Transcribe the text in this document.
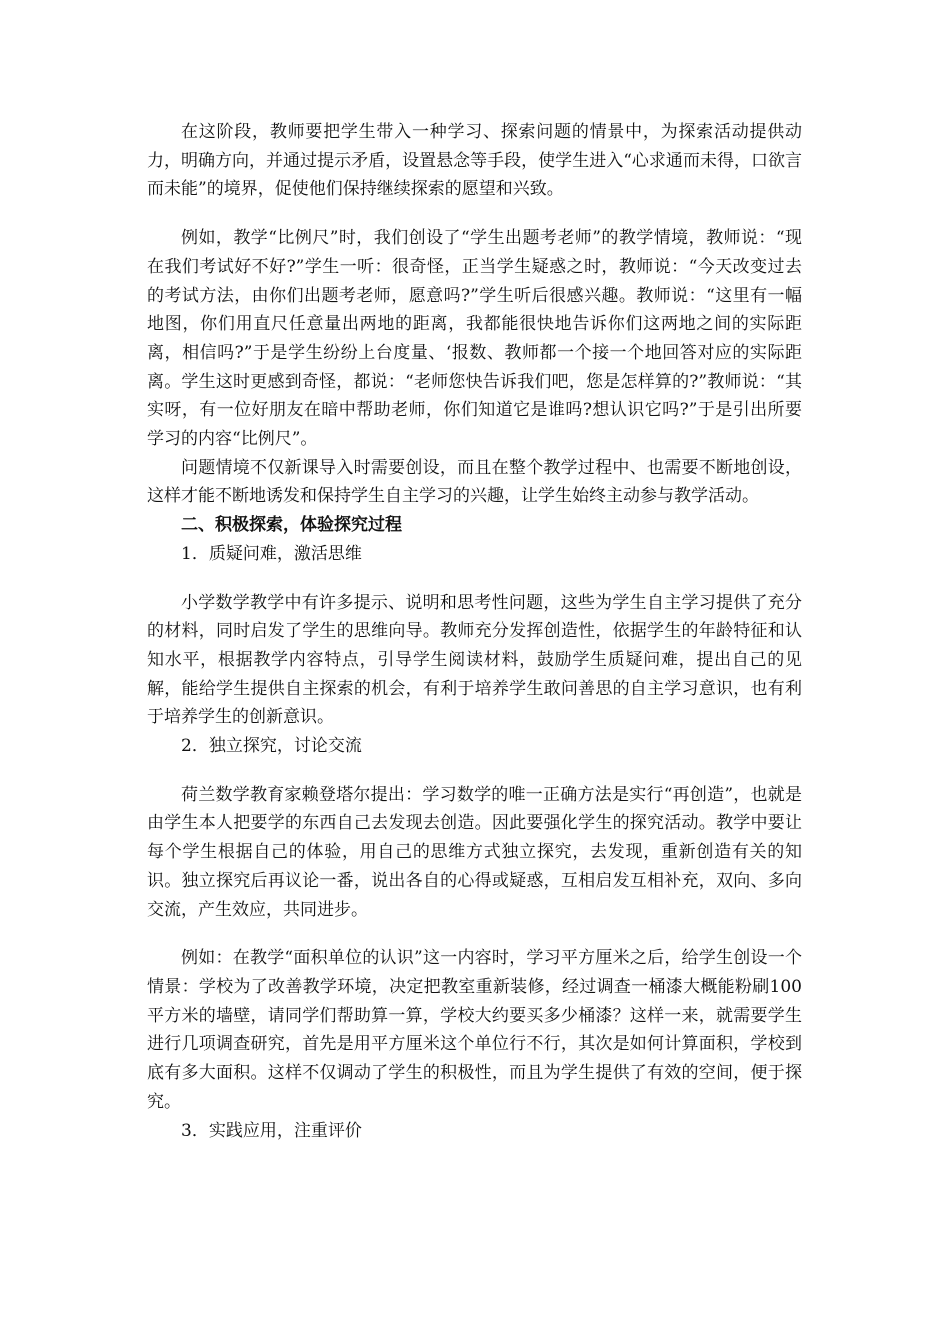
在这阶段，教师要把学生带入一种学习、探索问题的情景中，为探索活动提供动力，明确方向，并通过提示矛盾，设置悬念等手段，使学生进入“心求通而未得，口欲言而未能”的境界，促使他们保持继续探索的愿望和兴致。

例如，教学“比例尺”时，我们创设了“学生出题考老师”的教学情境，教师说：“现在我们考试好不好?”学生一听：很奇怪，正当学生疑惑之时，教师说：“今天改变过去的考试方法，由你们出题考老师，愿意吗?”学生听后很感兴趣。教师说：“这里有一幅地图，你们用直尺任意量出两地的距离，我都能很快地告诉你们这两地之间的实际距离，相信吗?”于是学生纷纷上台度量、‘报数、教师都一个接一个地回答对应的实际距离。学生这时更感到奇怪，都说：“老师您快告诉我们吧，您是怎样算的?”教师说：“其实呀，有一位好朋友在暗中帮助老师，你们知道它是谁吗?想认识它吗?”于是引出所要学习的内容“比例尺”。

问题情境不仅新课导入时需要创设，而且在整个教学过程中、也需要不断地创设，这样才能不断地诱发和保持学生自主学习的兴趣，让学生始终主动参与教学活动。

二、积极探索，体验探究过程

1．质疑问难，激活思维

小学数学教学中有许多提示、说明和思考性问题，这些为学生自主学习提供了充分的材料，同时启发了学生的思维向导。教师充分发挥创造性，依据学生的年龄特征和认知水平，根据教学内容特点，引导学生阅读材料，鼓励学生质疑问难，提出自己的见解，能给学生提供自主探索的机会，有利于培养学生敢问善思的自主学习意识，也有利于培养学生的创新意识。

2．独立探究，讨论交流

荷兰数学教育家赖登塔尔提出：学习数学的唯一正确方法是实行“再创造”，也就是由学生本人把要学的东西自己去发现去创造。因此要强化学生的探究活动。教学中要让每个学生根据自己的体验，用自己的思维方式独立探究，去发现，重新创造有关的知识。独立探究后再议论一番，说出各自的心得或疑惑，互相启发互相补充，双向、多向交流，产生效应，共同进步。

例如：在教学“面积单位的认识”这一内容时，学习平方厘米之后，给学生创设一个情景：学校为了改善教学环境，决定把教室重新装修，经过调查一桶漆大概能粉刷100平方米的墙壁，请同学们帮助算一算，学校大约要买多少桶漆？这样一来，就需要学生进行几项调查研究，首先是用平方厘米这个单位行不行，其次是如何计算面积，学校到底有多大面积。这样不仅调动了学生的积极性，而且为学生提供了有效的空间，便于探究。

3．实践应用，注重评价
